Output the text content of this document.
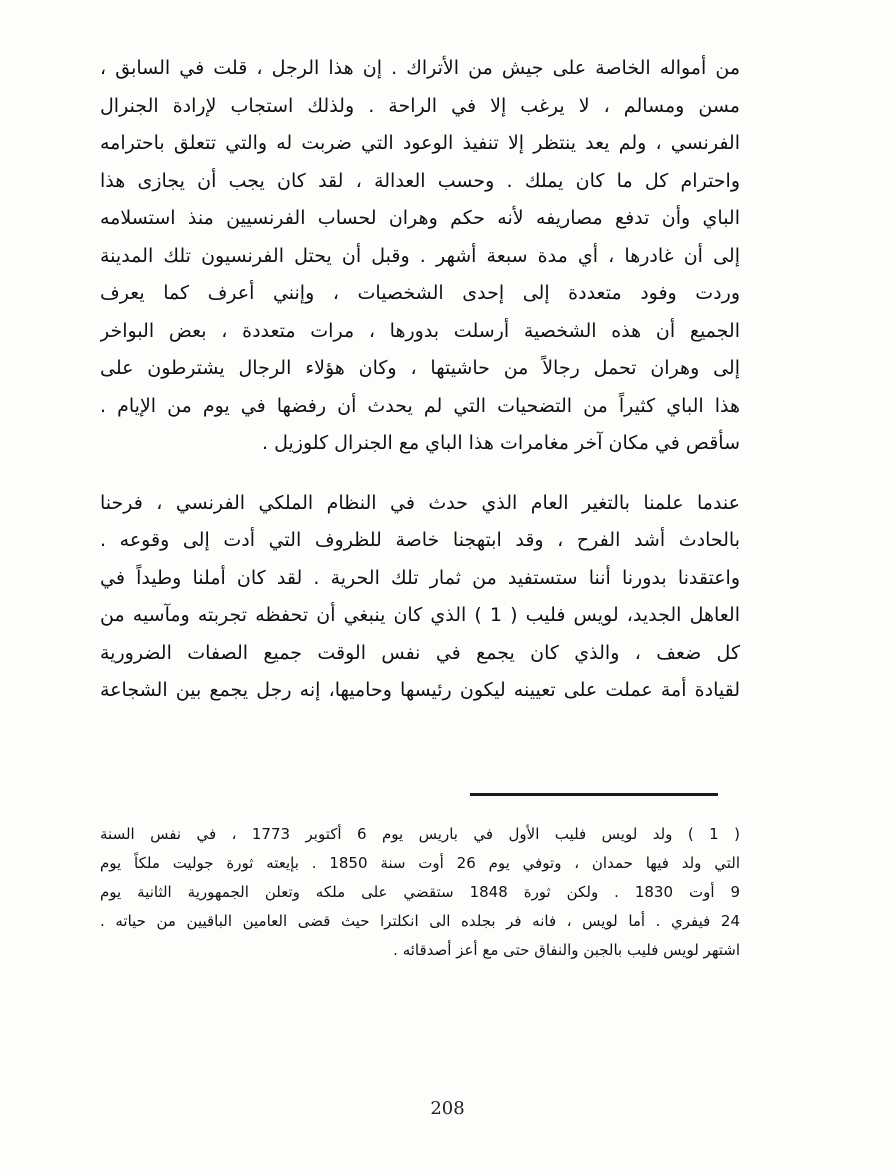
من أمواله الخاصة على جيش من الأتراك . إن هذا الرجل ، قلت في السابق ،
مسن ومسالم ، لا يرغب إلا في الراحة . ولذلك استجاب لإرادة الجنرال
الفرنسي ، ولم يعد ينتظر إلا تنفيذ الوعود التي ضربت له والتي تتعلق باحترامه
واحترام كل ما كان يملك . وحسب العدالة ، لقد كان يجب أن يجازى هذا
الباي وأن تدفع مصاريفه لأنه حكم وهران لحساب الفرنسيين منذ استسلامه
إلى أن غادرها ، أي مدة سبعة أشهر . وقبل أن يحتل الفرنسيون تلك المدينة
وردت وفود متعددة إلى إحدى الشخصيات ، وإنني أعرف كما يعرف
الجميع أن هذه الشخصية أرسلت بدورها ، مرات متعددة ، بعض البواخر
إلى وهران تحمل رجالاً من حاشيتها ، وكان هؤلاء الرجال يشترطون على
هذا الباي كثيراً من التضحيات التي لم يحدث أن رفضها في يوم من الإيام .
سأقص في مكان آخر مغامرات هذا الباي مع الجنرال كلوزيل .
عندما علمنا بالتغير العام الذي حدث في النظام الملكي الفرنسي ، فرحنا
بالحادث أشد الفرح ، وقد ابتهجنا خاصة للظروف التي أدت إلى وقوعه .
واعتقدنا بدورنا أننا ستستفيد من ثمار تلك الحرية . لقد كان أملنا وطيداً في
العاهل الجديد، لويس فليب ( 1 ) الذي كان ينبغي أن تحفظه تجربته ومآسيه من
كل ضعف ، والذي كان يجمع في نفس الوقت جميع الصفات الضرورية
لقيادة أمة عملت على تعيينه ليكون رئيسها وحاميها، إنه رجل يجمع بين الشجاعة
( 1 ) ولد لويس فليب الأول في باريس يوم 6 أكتوبر 1773 ، في نفس السنة
التي ولد فيها حمدان ، وتوفي يوم 26 أوت سنة 1850 . بإيعته ثورة جوليت ملكاً يوم
9 أوت 1830 . ولكن ثورة 1848 ستقضي على ملكه وتعلن الجمهورية الثانية يوم
24 فيفري . أما لويس ، فانه فر بجلده الى انكلترا حيث قضى العامين الباقيين من حياته .
اشتهر لويس فليب بالجبن والنفاق حتى مع أعز أصدقائه .
208
